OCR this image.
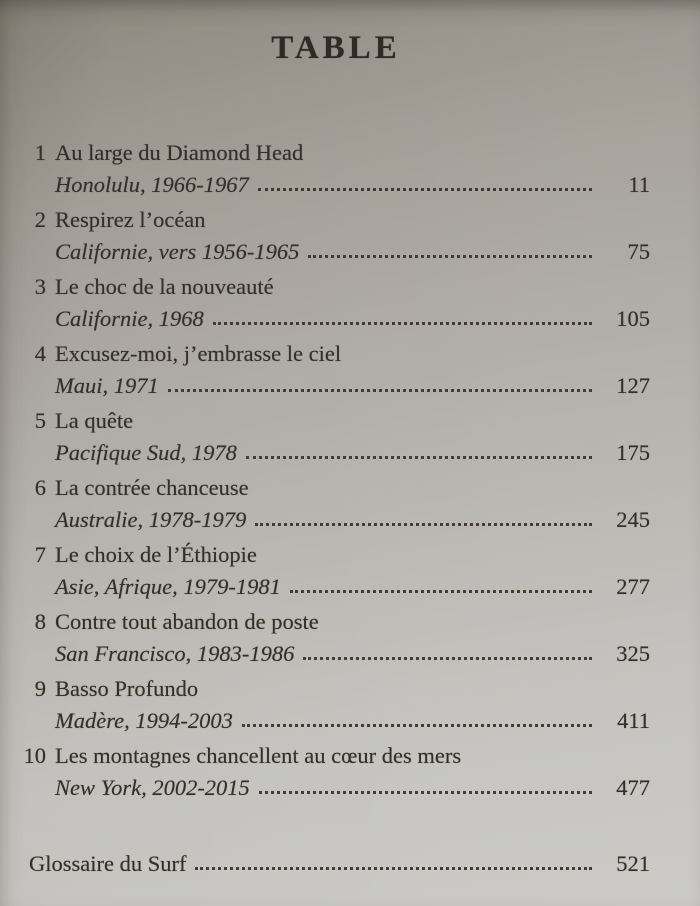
TABLE
1 Au large du Diamond Head
Honolulu, 1966-1967	11
2 Respirez l’océan
Californie, vers 1956-1965	75
3 Le choc de la nouveauté
Californie, 1968	105
4 Excusez-moi, j’embrasse le ciel
Maui, 1971	127
5 La quête
Pacifique Sud, 1978	175
6 La contrée chanceuse
Australie, 1978-1979	245
7 Le choix de l’Éthiopie
Asie, Afrique, 1979-1981	277
8 Contre tout abandon de poste
San Francisco, 1983-1986	325
9 Basso Profundo
Madère, 1994-2003	411
10 Les montagnes chancellent au cœur des mers
New York, 2002-2015	477
Glossaire du Surf	521
